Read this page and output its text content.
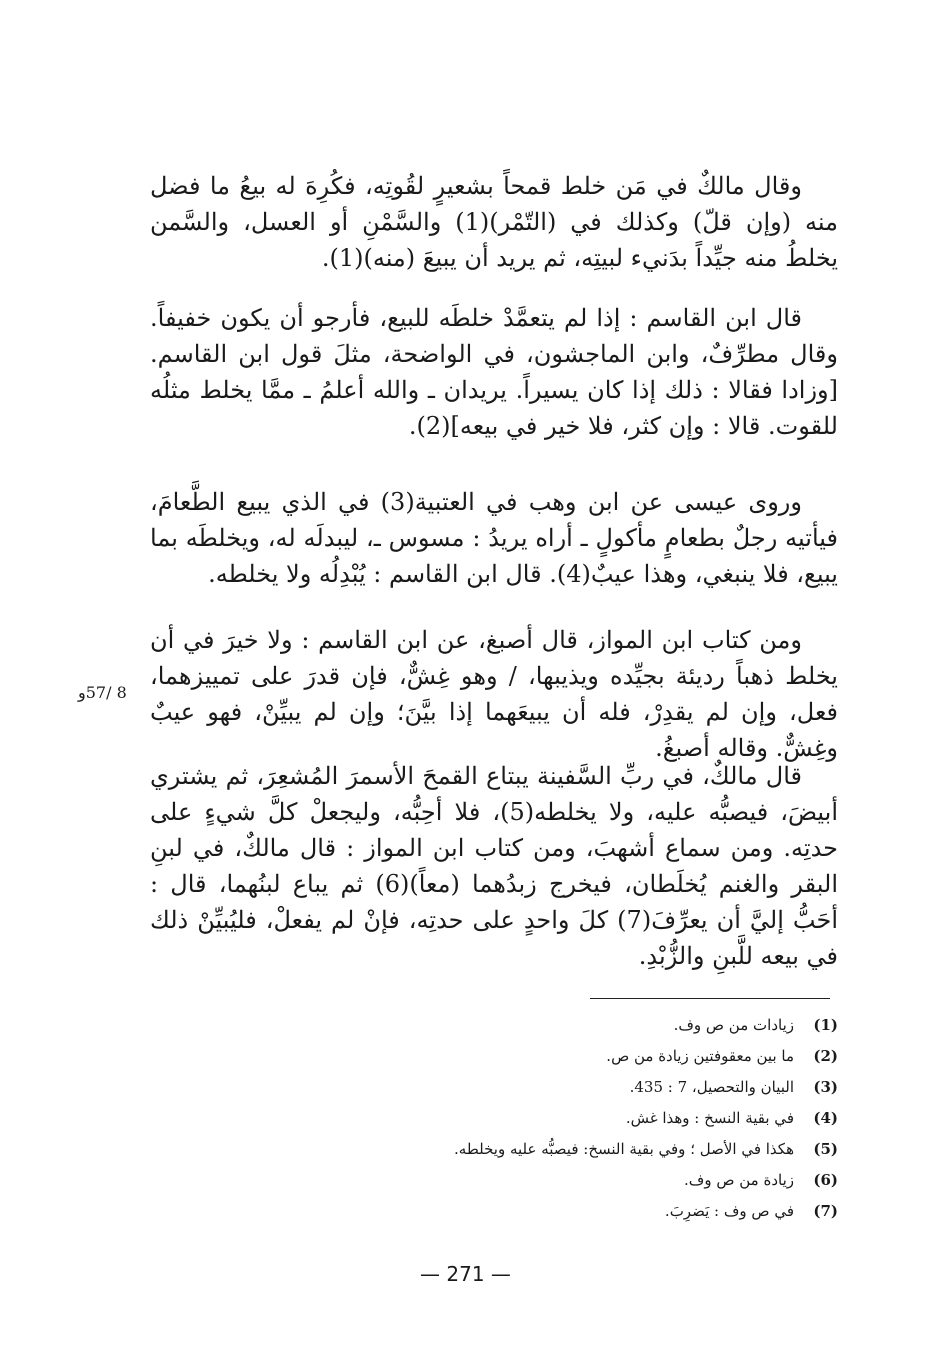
وقال مالكٌ في مَن خلط قمحاً بشعيرٍ لقُوتِه، فكُرِهَ له بيعُ ما فضل منه (وإن قلّ) وكذلك في (التّمْر)(1) والسَّمْنِ أو العسل، والسَّمن يخلطُ منه جيِّداً بدَنيء لبيتِه، ثم يريد أن يبيعَ (منه)(1).

قال ابن القاسم : إذا لم يتعمَّدْ خلطَه للبيع، فأرجو أن يكون خفيفاً. وقال مطرِّفٌ، وابن الماجشون، في الواضحة، مثلَ قول ابن القاسم. [وزادا فقالا : ذلك إذا كان يسيراً. يريدان ـ والله أعلمُ ـ ممَّا يخلط مثلُه للقوت. قالا : وإن كثر، فلا خير في بيعه](2).

وروى عيسى عن ابن وهب في العتبية(3) في الذي يبيع الطَّعامَ، فيأتيه رجلٌ بطعامٍ مأكولٍ ـ أراه يريدُ : مسوس ـ، ليبدلَه له، ويخلطَه بما يبيع، فلا ينبغي، وهذا عيبٌ(4). قال ابن القاسم : يُبْدِلُه ولا يخلطه.

ومن كتاب ابن المواز، قال أصبغ، عن ابن القاسم : ولا خيرَ في أن يخلط ذهباً رديئة بجيِّده ويذيبها، / وهو غِشٌّ، فإن قدرَ على تمييزهما، فعل، وإن لم يقدِرْ، فله أن يبيعَهما إذا بيَّنَ؛ وإن لم يبيِّنْ، فهو عيبٌ وغِشٌّ. وقاله أصبغُ.

قال مالكٌ، في ربِّ السَّفينة يبتاع القمحَ الأسمرَ المُشعِرَ، ثم يشتري أبيضَ، فيصبُّه عليه، ولا يخلطه(5)، فلا أحِبُّه، وليجعلْ كلَّ شيءٍ على حدتِه. ومن سماع أشهبَ، ومن كتاب ابن المواز : قال مالكٌ، في لبنِ البقر والغنم يُخلَطان، فيخرج زبدُهما (معاً)(6) ثم يباع لبنُهما، قال : أحَبُّ إليَّ أن يعرِّفَ(7) كلَ واحدٍ على حدتِه، فإنْ لم يفعلْ، فليُبيِّنْ ذلك في بيعه للَّبنِ والزُّبْدِ.

8 /57و
(1)
زيادات من ص وف.
(2)
ما بين معقوفتين زيادة من ص.
(3)
البيان والتحصيل، 7 : 435.
(4)
في بقية النسخ : وهذا غش.
(5)
هكذا في الأصل ؛ وفي بقية النسخ: فيصبُّه عليه ويخلطه.
(6)
زيادة من ص وف.
(7)
في ص وف : يَضرِبَ.
— 271 —
